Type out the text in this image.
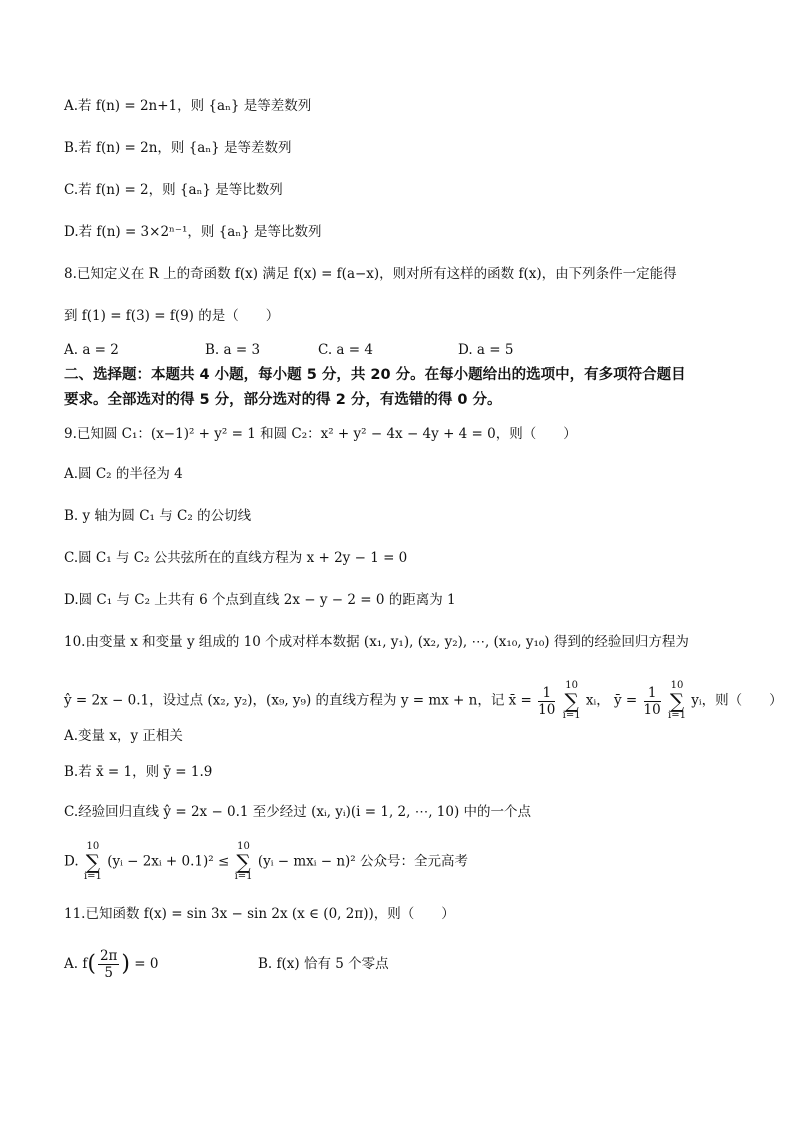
A.若 f(n) = 2n+1，则 {aₙ} 是等差数列
B.若 f(n) = 2n，则 {aₙ} 是等差数列
C.若 f(n) = 2，则 {aₙ} 是等比数列
D.若 f(n) = 3×2ⁿ⁻¹，则 {aₙ} 是等比数列
8.已知定义在 R 上的奇函数 f(x) 满足 f(x) = f(a−x)，则对所有这样的函数 f(x)，由下列条件一定能得
到 f(1) = f(3) = f(9) 的是（　　）
A. a = 2	B. a = 3	C. a = 4	D. a = 5
二、选择题：本题共 4 小题，每小题 5 分，共 20 分。在每小题给出的选项中，有多项符合题目
要求。全部选对的得 5 分，部分选对的得 2 分，有选错的得 0 分。
9.已知圆 C₁：(x−1)² + y² = 1 和圆 C₂：x² + y² − 4x − 4y + 4 = 0，则（　　）
A.圆 C₂ 的半径为 4
B. y 轴为圆 C₁ 与 C₂ 的公切线
C.圆 C₁ 与 C₂ 公共弦所在的直线方程为 x + 2y − 1 = 0
D.圆 C₁ 与 C₂ 上共有 6 个点到直线 2x − y − 2 = 0 的距离为 1
10.由变量 x 和变量 y 组成的 10 个成对样本数据 (x₁, y₁), (x₂, y₂), ⋯, (x₁₀, y₁₀) 得到的经验回归方程为
ŷ = 2x − 0.1，设过点 (x₂, y₂)，(x₉, y₉) 的直线方程为 y = mx + n，记 x̄ = $\frac{1}{10} 10$
∑
i=1 xᵢ， ȳ = $\frac{1}{10} 10$
∑
i=1 yᵢ，则（　　）
A.变量 x，y 正相关
B.若 x̄ = 1，则 ȳ = 1.9
C.经验回归直线 ŷ = 2x − 0.1 至少经过 (xᵢ, yᵢ)(i = 1, 2, ⋯, 10) 中的一个点
D. 10
∑
i=1 (yᵢ − 2xᵢ + 0.1)² ≤ 10
∑
i=1 (yᵢ − mxᵢ − n)² 公众号：全元高考
11.已知函数 f(x) = sin 3x − sin 2x (x ∈ (0, 2π))，则（　　）
A. $f( \frac{2\pi}{5}$ ) = 0	B. f(x) 恰有 5 个零点
